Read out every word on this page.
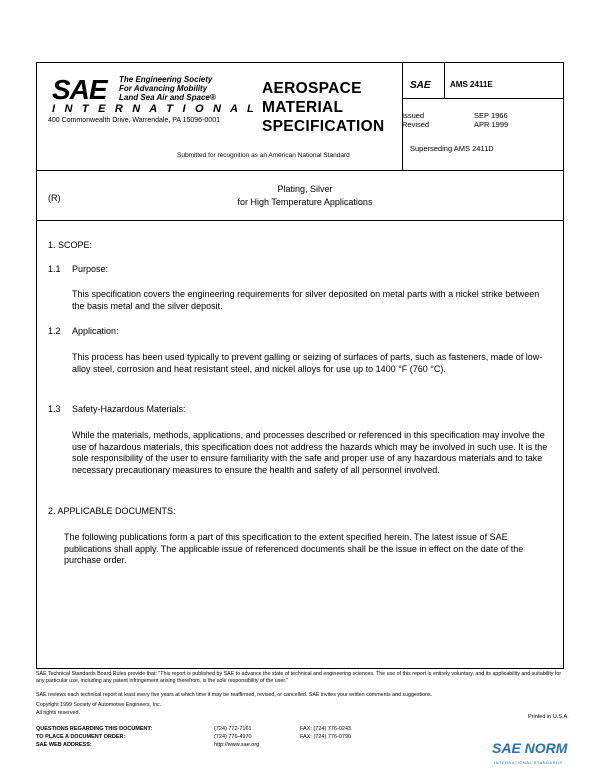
SAE The Engineering Society
For Advancing Mobility
Land Sea Air and Space®
I N T E R N A T I O N A L
400 Commonwealth Drive, Warrendale, PA 15096-0001
AEROSPACE
MATERIAL
SPECIFICATION
Submitted for recognition as an American National Standard
SAE AMS 2411E
Issued	SEP 1966
Revised	APR 1999
Superseding AMS 2411D
(R)
Plating, Silver
for High Temperature Applications
1. SCOPE:
1.1 Purpose:
This specification covers the engineering requirements for silver deposited on metal parts with a nickel strike between the basis metal and the silver deposit.
1.2 Application:
This process has been used typically to prevent galling or seizing of surfaces of parts, such as fasteners, made of low-alloy steel, corrosion and heat resistant steel, and nickel alloys for use up to 1400 °F (760 °C).
1.3 Safety-Hazardous Materials:
While the materials, methods, applications, and processes described or referenced in this specification may involve the use of hazardous materials, this specification does not address the hazards which may be involved in such use. It is the sole responsibility of the user to ensure familiarity with the safe and proper use of any hazardous materials and to take necessary precautionary measures to ensure the health and safety of all personnel involved.
2. APPLICABLE DOCUMENTS:
The following publications form a part of this specification to the extent specified herein. The latest issue of SAE publications shall apply. The applicable issue of referenced documents shall be the issue in effect on the date of the purchase order.
SAE Technical Standards Board Rules provide that: "This report is published by SAE to advance the state of technical and engineering sciences. The use of this report is entirely voluntary, and its applicability and suitability for any particular use, including any patent infringement arising therefrom, is the sole responsibility of the user."
SAE reviews each technical report at least every five years at which time it may be reaffirmed, revised, or cancelled. SAE invites your written comments and suggestions.
Copyright 1999 Society of Automotive Engineers, Inc.
All rights reserved.
Printed in U.S.A.
QUESTIONS REGARDING THIS DOCUMENT:	(724) 772-7161	FAX: (724) 776-0243
TO PLACE A DOCUMENT ORDER:	(724) 776-4970	FAX: (724) 776-0790
SAE WEB ADDRESS:	http://www.sae.org	SAE NORM
INTERNATIONAL STANDARDS
